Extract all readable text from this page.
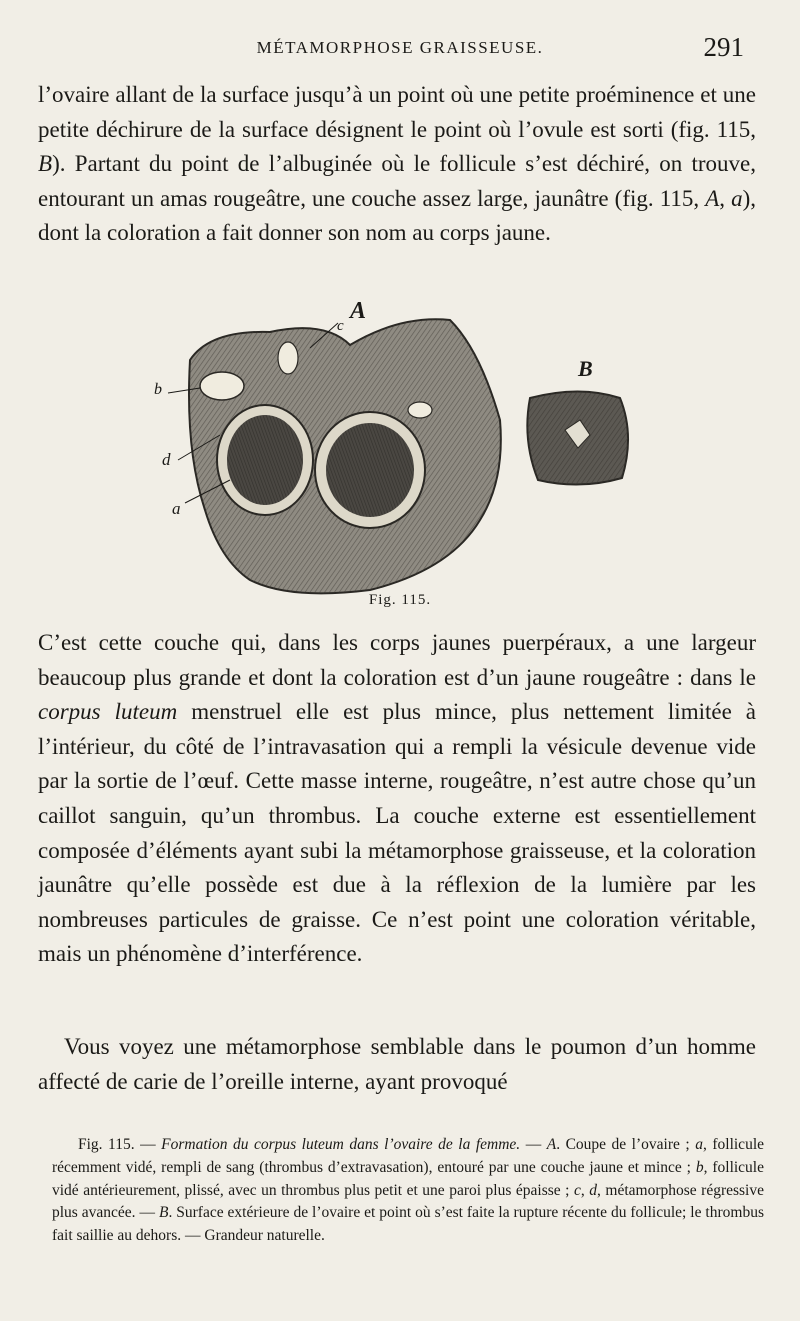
MÉTAMORPHOSE GRAISSEUSE.	291

l’ovaire allant de la surface jusqu’à un point où une petite proéminence et une petite déchirure de la surface désignent le point où l’ovule est sorti (fig. 115, B). Partant du point de l’albuginée où le follicule s’est déchiré, on trouve, entourant un amas rougeâtre, une couche assez large, jaunâtre (fig. 115, A, a), dont la coloration a fait donner son nom au corps jaune.

A
c
B
b
d
a
Fig. 115.

C’est cette couche qui, dans les corps jaunes puerpéraux, a une largeur beaucoup plus grande et dont la coloration est d’un jaune rougeâtre : dans le corpus luteum menstruel elle est plus mince, plus nettement limitée à l’intérieur, du côté de l’intravasation qui a rempli la vésicule devenue vide par la sortie de l’œuf. Cette masse interne, rougeâtre, n’est autre chose qu’un caillot sanguin, qu’un thrombus. La couche externe est essentiellement composée d’éléments ayant subi la métamorphose graisseuse, et la coloration jaunâtre qu’elle possède est due à la réflexion de la lumière par les nombreuses particules de graisse. Ce n’est point une coloration véritable, mais un phénomène d’interférence.

Vous voyez une métamorphose semblable dans le poumon d’un homme affecté de carie de l’oreille interne, ayant provoqué

Fig. 115. — Formation du corpus luteum dans l’ovaire de la femme. — A. Coupe de l’ovaire ; a, follicule récemment vidé, rempli de sang (thrombus d’extravasation), entouré par une couche jaune et mince ; b, follicule vidé antérieurement, plissé, avec un thrombus plus petit et une paroi plus épaisse ; c, d, métamorphose régressive plus avancée. — B. Surface extérieure de l’ovaire et point où s’est faite la rupture récente du follicule; le thrombus fait saillie au dehors. — Grandeur naturelle.
